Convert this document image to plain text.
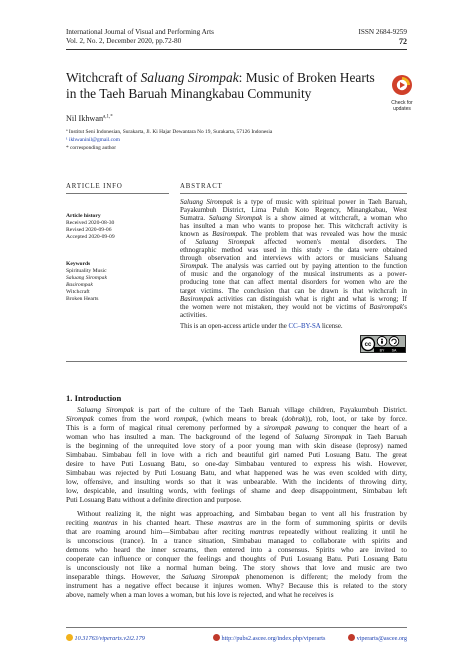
International Journal of Visual and Performing Arts
Vol. 2, No. 2, December 2020, pp.72-80
ISSN 2684-9259
72
Witchcraft of Saluang Sirompak: Music of Broken Hearts
in the Taeh Baruah Minangkabau Community
Check for
updates
Nil Ikhwan$^{a,1,*}$
ª Institut Seni Indonesian, Surakarta, Jl. Ki Hajar Dewantara No 19, Surakarta, 57126 Indonesia
¹ ikhwaninil@gmail.com
* corresponding author
ARTICLE INFO	ABSTRACT
Article history
Received 2020-08-30
Revised 2020-09-06
Accepted 2020-09-09
Keywords
Spirituality Music
Saluang Sirompak
Basirompak
Witchcraft
Broken Hearts
Saluang Sirompak is a type of music with spiritual power in Taeh Baruah,
Payakumbuh District, Lima Puluh Koto Regency, Minangkabau, West
Sumatra. Saluang Sirompak is a show aimed at witchcraft, a woman who
has insulted a man who wants to propose her. This witchcraft activity is
known as Basirompak. The problem that was revealed was how the music
of Saluang Sirompak affected women's mental disorders. The
ethnographic method was used in this study - the data were obtained
through observation and interviews with actors or musicians Saluang
Sirompak. The analysis was carried out by paying attention to the function
of music and the organology of the musical instruments as a power-
producing tone that can affect mental disorders for women who are the
target victims. The conclusion that can be drawn is that witchcraft in
Basirompak activities can distinguish what is right and what is wrong; If
the women were not mistaken, they would not be victims of Basirompak's
activities.
This is an open-access article under the CC–BY-SA license.
cc
BY SA
1. Introduction
Saluang Sirompak is part of the culture of the Taeh Baruah village children, Payakumbuh District.
Sirompak comes from the word rompak, (which means to break (dobrak)), rob, loot, or take by force.
This is a form of magical ritual ceremony performed by a sirompak pawang to conquer the heart of a
woman who has insulted a man. The background of the legend of Saluang Sirompak in Taeh Baruah
is the beginning of the unrequited love story of a poor young man with skin disease (leprosy) named
Simbabau. Simbabau fell in love with a rich and beautiful girl named Puti Losuang Batu. The great
desire to have Puti Losuang Batu, so one-day Simbabau ventured to express his wish. However,
Simbabau was rejected by Puti Losuang Batu, and what happened was he was even scolded with dirty,
low, offensive, and insulting words so that it was unbearable. With the incidents of throwing dirty,
low, despicable, and insulting words, with feelings of shame and deep disappointment, Simbabau left
Puti Losuang Batu without a definite direction and purpose.
Without realizing it, the night was approaching, and Simbabau began to vent all his frustration by
reciting mantras in his chanted heart. These mantras are in the form of summoning spirits or devils
that are roaming around him—Simbabau after reciting mantras repeatedly without realizing it until he
is unconscious (trance). In a trance situation, Simbabau managed to collaborate with spirits and
demons who heard the inner screams, then entered into a consensus. Spirits who are invited to
cooperate can influence or conquer the feelings and thoughts of Puti Losuang Batu. Puti Losuang Batu
is unconsciously not like a normal human being. The story shows that love and music are two
inseparable things. However, the Saluang Sirompak phenomenon is different; the melody from the
instrument has a negative effect because it injures women. Why? Because this is related to the story
above, namely when a man loves a woman, but his love is rejected, and what he receives is
10.31763/viperarts.v2i2.179	http://pubs2.ascee.org/index.php/viperarts	viperarts@ascee.org
